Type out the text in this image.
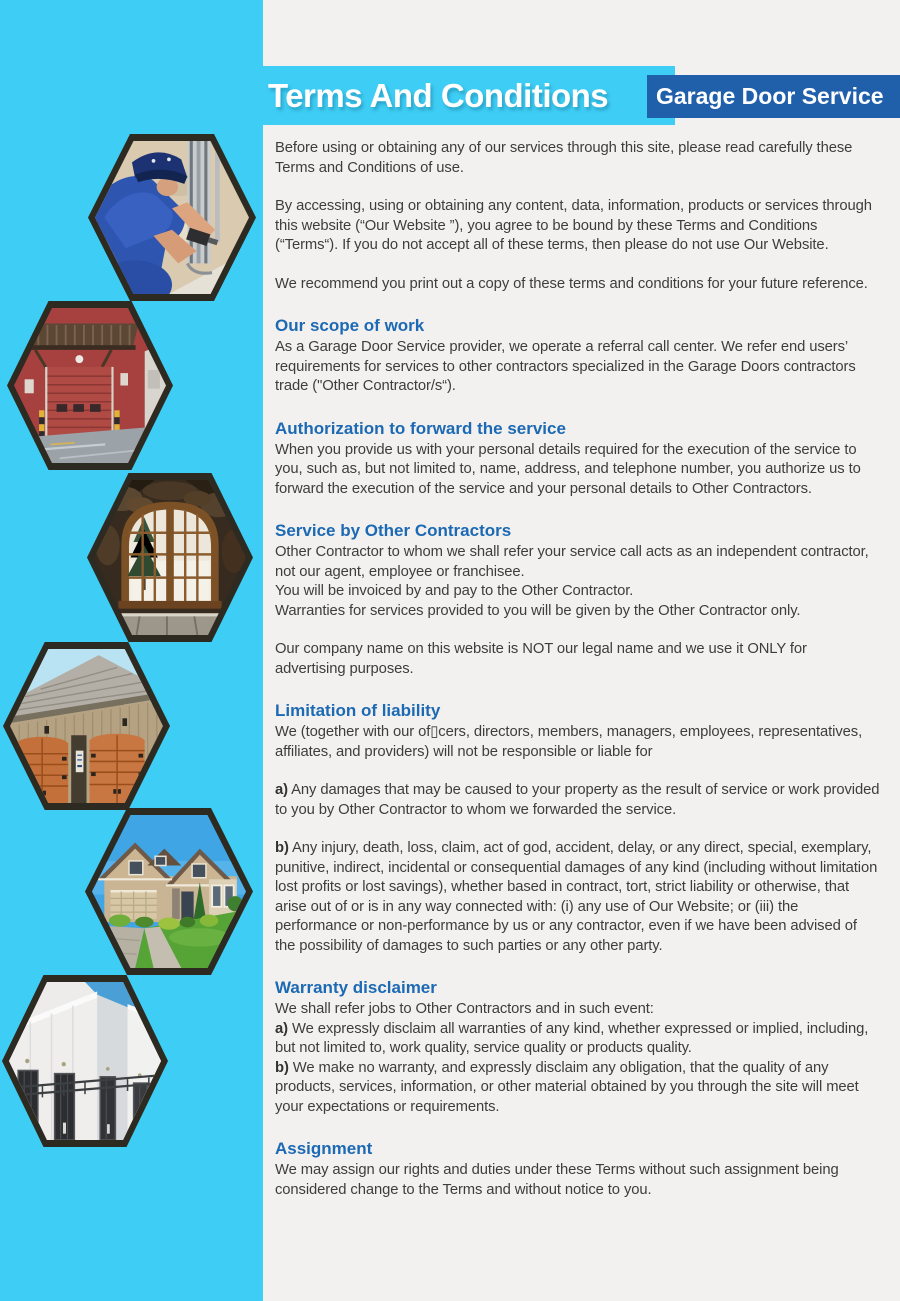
Terms And Conditions Garage Door Service

Before using or obtaining any of our services through this site, please read carefully these Terms and Conditions of use.

By accessing, using or obtaining any content, data, information, products or services through this website (“Our Website ”), you agree to be bound by these Terms and Conditions (“Terms“). If you do not accept all of these terms, then please do not use Our Website.

We recommend you print out a copy of these terms and conditions for your future reference.

Our scope of work

As a Garage Door Service provider, we operate a referral call center. We refer end users’ requirements for services to other contractors specialized in the Garage Doors contractors trade ("Other Contractor/s“).

Authorization to forward the service

When you provide us with your personal details required for the execution of the service to you, such as, but not limited to, name, address, and telephone number, you authorize us to forward the execution of the service and your personal details to Other Contractors.

Service by Other Contractors

Other Contractor to whom we shall refer your service call acts as an independent contractor, not our agent, employee or franchisee.
You will be invoiced by and pay to the Other Contractor.
Warranties for services provided to you will be given by the Other Contractor only.

Our company name on this website is NOT our legal name and we use it ONLY for advertising purposes.

Limitation of liability

We (together with our of▯cers, directors, members, managers, employees, representatives, affiliates, and providers) will not be responsible or liable for

a) Any damages that may be caused to your property as the result of service or work provided to you by Other Contractor to whom we forwarded the service.

b) Any injury, death, loss, claim, act of god, accident, delay, or any direct, special, exemplary, punitive, indirect, incidental or consequential damages of any kind (including without limitation lost profits or lost savings), whether based in contract, tort, strict liability or otherwise, that arise out of or is in any way connected with: (i) any use of Our Website; or (iii) the performance or non-performance by us or any contractor, even if we have been advised of the possibility of damages to such parties or any other party.

Warranty disclaimer

We shall refer jobs to Other Contractors and in such event:
a) We expressly disclaim all warranties of any kind, whether expressed or implied, including, but not limited to, work quality, service quality or products quality.
b) We make no warranty, and expressly disclaim any obligation, that the quality of any products, services, information, or other material obtained by you through the site will meet your expectations or requirements.

Assignment

We may assign our rights and duties under these Terms without such assignment being considered change to the Terms and without notice to you.
